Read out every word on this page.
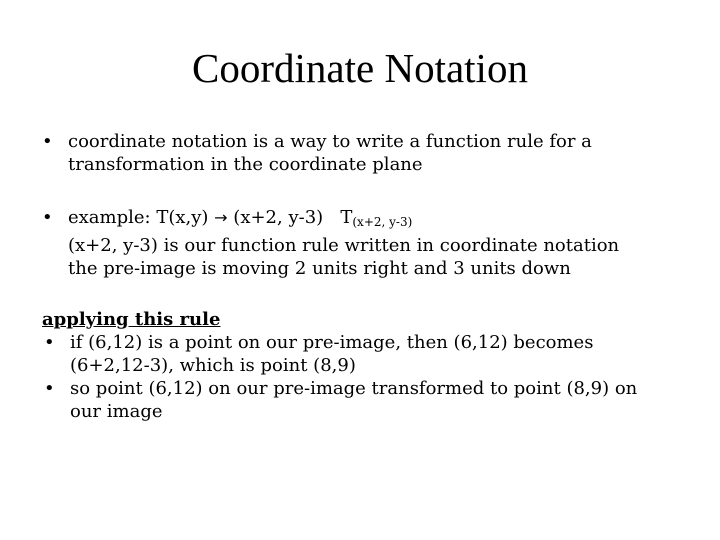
Coordinate Notation
• coordinate notation is a way to write a function rule for a
transformation in the coordinate plane
• example: T(x,y) → (x+2, y-3) $T_{(x+2, y-3)}$
(x+2, y-3) is our function rule written in coordinate notation
the pre-image is moving 2 units right and 3 units down
applying this rule
• if (6,12) is a point on our pre-image, then (6,12) becomes
(6+2,12-3), which is point (8,9)
• so point (6,12) on our pre-image transformed to point (8,9) on
our image
